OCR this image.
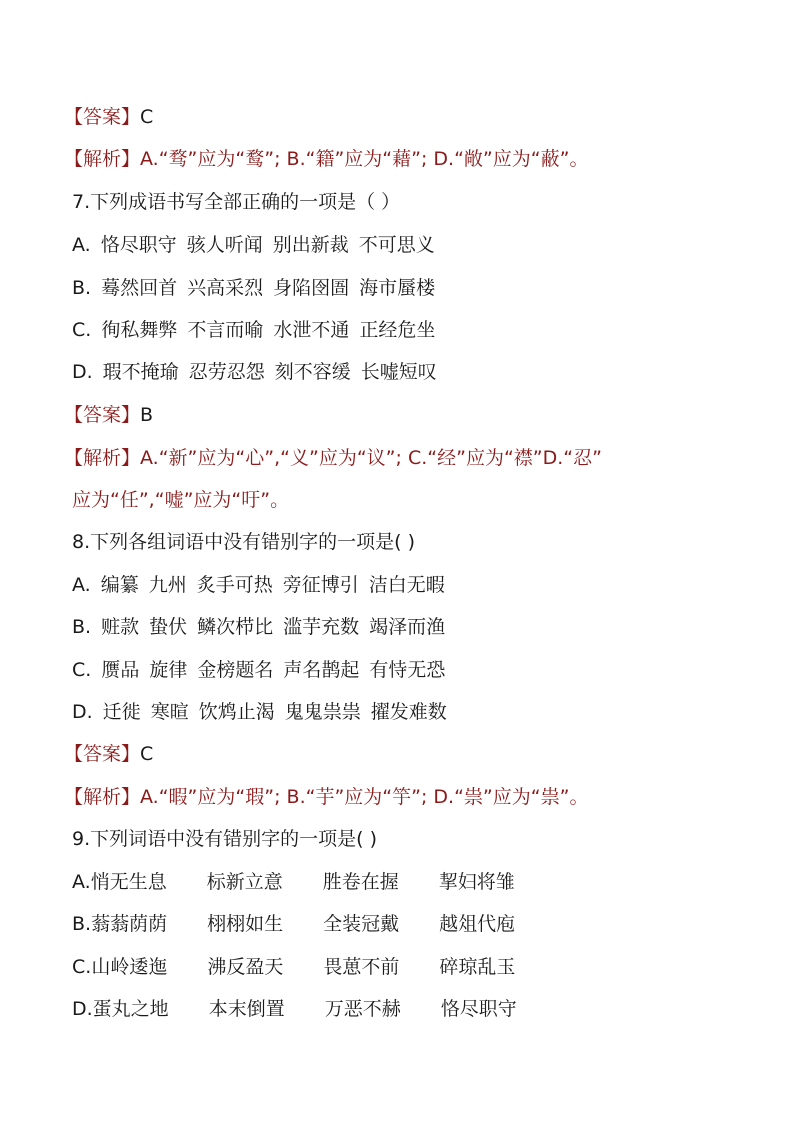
【答案】C
【解析】A.“骛”应为“鹜”; B.“籍”应为“藉”; D.“敞”应为“蔽”。
7.下列成语书写全部正确的一项是（ ）
A. 恪尽职守 骇人听闻 别出新裁 不可思义
B. 蓦然回首 兴高采烈 身陷囹圄 海市蜃楼
C. 徇私舞弊 不言而喻 水泄不通 正经危坐
D. 瑕不掩瑜 忍劳忍怨 刻不容缓 长嘘短叹
【答案】B
【解析】A.“新”应为“心”,“义”应为“议”; C.“经”应为“襟”D.“忍”
应为“任”,“嘘”应为“吁”。
8.下列各组词语中没有错别字的一项是( )
A. 编纂 九州 炙手可热 旁征博引 洁白无暇
B. 赃款 蛰伏 鳞次栉比 滥芋充数 竭泽而渔
C. 赝品 旋律 金榜题名 声名鹊起 有恃无恐
D. 迁徙 寒暄 饮鸩止渴 鬼鬼祟祟 擢发难数
【答案】C
【解析】A.“暇”应为“瑕”; B.“芋”应为“竽”; D.“祟”应为“祟”。
9.下列词语中没有错别字的一项是( )
A.悄无生息 标新立意 胜卷在握 挈妇将雏
B.蓊蓊荫荫 栩栩如生 全装冠戴 越俎代庖
C.山岭逶迤 沸反盈天 畏葸不前 碎琼乱玉
D.蛋丸之地 本末倒置 万恶不赫 恪尽职守
